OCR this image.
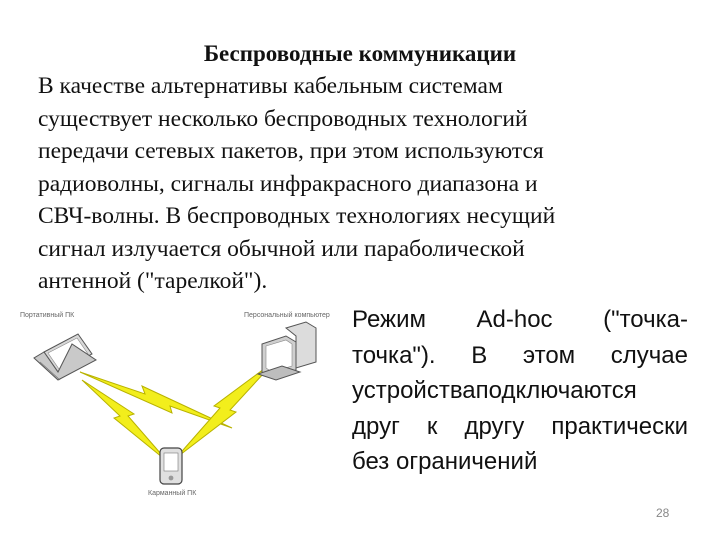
Беспроводные коммуникации
В качестве альтернативы кабельным системам
существует несколько беспроводных технологий
передачи сетевых пакетов, при этом используются
радиоволны, сигналы инфракрасного диапазона и
СВЧ-волны. В беспроводных технологиях несущий
сигнал излучается обычной или параболической
антенной ("тарелкой").
Портативный ПК	Персональный компьютер
Карманный ПК
Режим Ad-hoc ("точка-
точка"). В этом случае
устройстваподключаются
друг к другу практически
без ограничений
28
